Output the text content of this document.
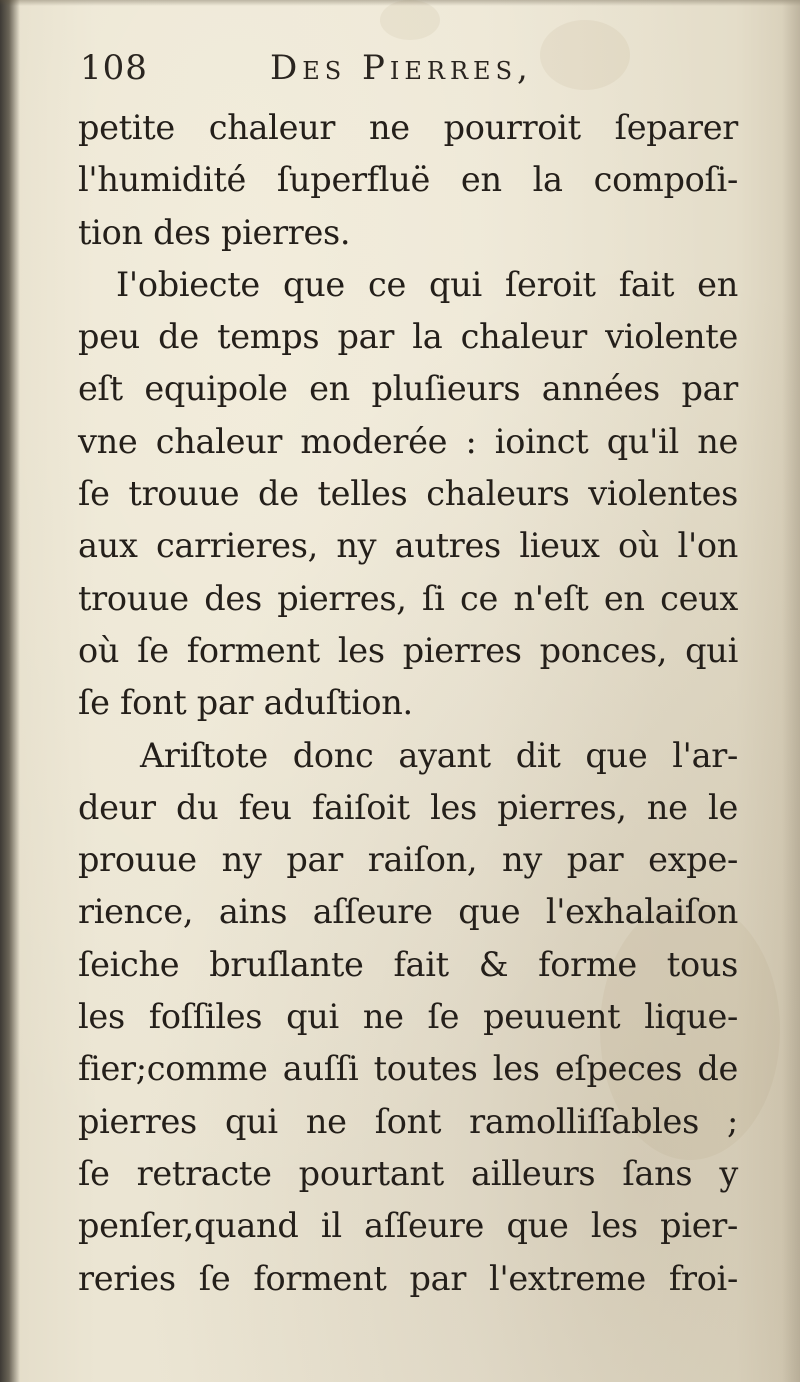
108	Des Pierres,
petite chaleur ne pourroit ſeparer
l'humidité ſuperfluë en la compoſi-
tion des pierres.
I'obiecte que ce qui ſeroit fait en
peu de temps par la chaleur violente
eſt equipole en pluſieurs années par
vne chaleur moderée : ioinct qu'il ne
ſe trouue de telles chaleurs violentes
aux carrieres, ny autres lieux où l'on
trouue des pierres, ſi ce n'eſt en ceux
où ſe forment les pierres ponces, qui
ſe font par aduſtion.
Ariſtote donc ayant dit que l'ar-
deur du feu faiſoit les pierres, ne le
prouue ny par raiſon, ny par expe-
rience, ains aſſeure que l'exhalaiſon
ſeiche bruſlante fait & forme tous
les foſſiles qui ne ſe peuuent lique-
fier;comme auſſi toutes les eſpeces de
pierres qui ne ſont ramolliſſables ;
ſe retracte pourtant ailleurs ſans y
penſer,quand il aſſeure que les pier-
reries ſe forment par l'extreme froi-
